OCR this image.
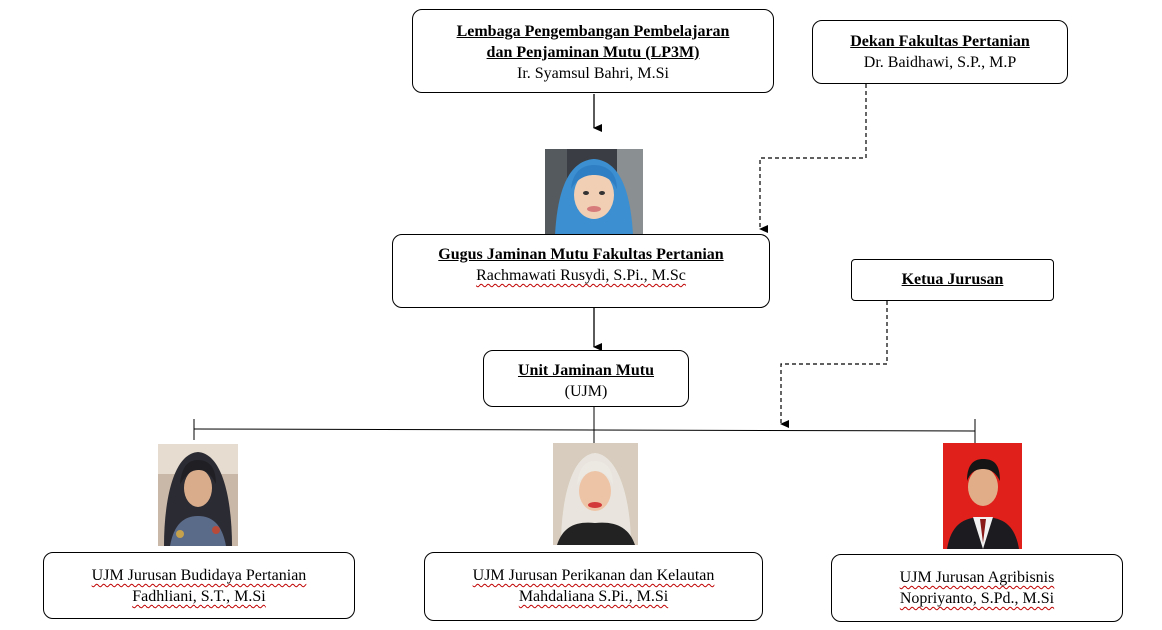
Lembaga Pengembangan Pembelajaran
dan Penjaminan Mutu (LP3M)
Ir. Syamsul Bahri, M.Si
Dekan Fakultas Pertanian
Dr. Baidhawi, S.P., M.P
Gugus Jaminan Mutu Fakultas Pertanian
Rachmawati Rusydi, S.Pi., M.Sc	Ketua Jurusan
Unit Jaminan Mutu
(UJM)
UJM Jurusan Budidaya Pertanian
Fadhliani, S.T., M.Si
UJM Jurusan Perikanan dan Kelautan
Mahdaliana S.Pi., M.Si
UJM Jurusan Agribisnis
Nopriyanto, S.Pd., M.Si
